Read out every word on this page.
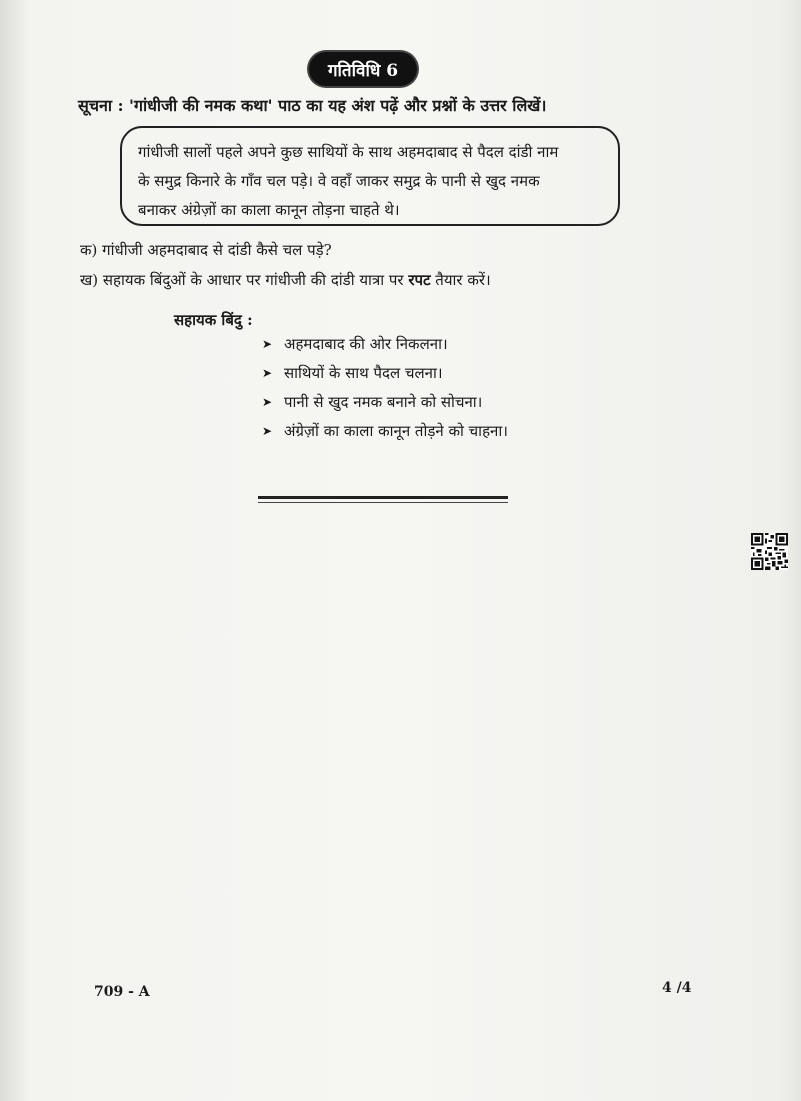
गतिविधि 6
सूचना : 'गांधीजी की नमक कथा' पाठ का यह अंश पढ़ें और प्रश्नों के उत्तर लिखें।
गांधीजी सालों पहले अपने कुछ साथियों के साथ अहमदाबाद से पैदल दांडी नाम
के समुद्र किनारे के गाँव चल पड़े। वे वहाँ जाकर समुद्र के पानी से खुद नमक
बनाकर अंग्रेज़ों का काला कानून तोड़ना चाहते थे।
क) गांधीजी अहमदाबाद से दांडी कैसे चल पड़े?
ख) सहायक बिंदुओं के आधार पर गांधीजी की दांडी यात्रा पर रपट तैयार करें।
सहायक बिंदु :
➤ अहमदाबाद की ओर निकलना।
➤ साथियों के साथ पैदल चलना।
➤ पानी से खुद नमक बनाने को सोचना।
➤ अंग्रेज़ों का काला कानून तोड़ने को चाहना।
709 - A	4 /4
